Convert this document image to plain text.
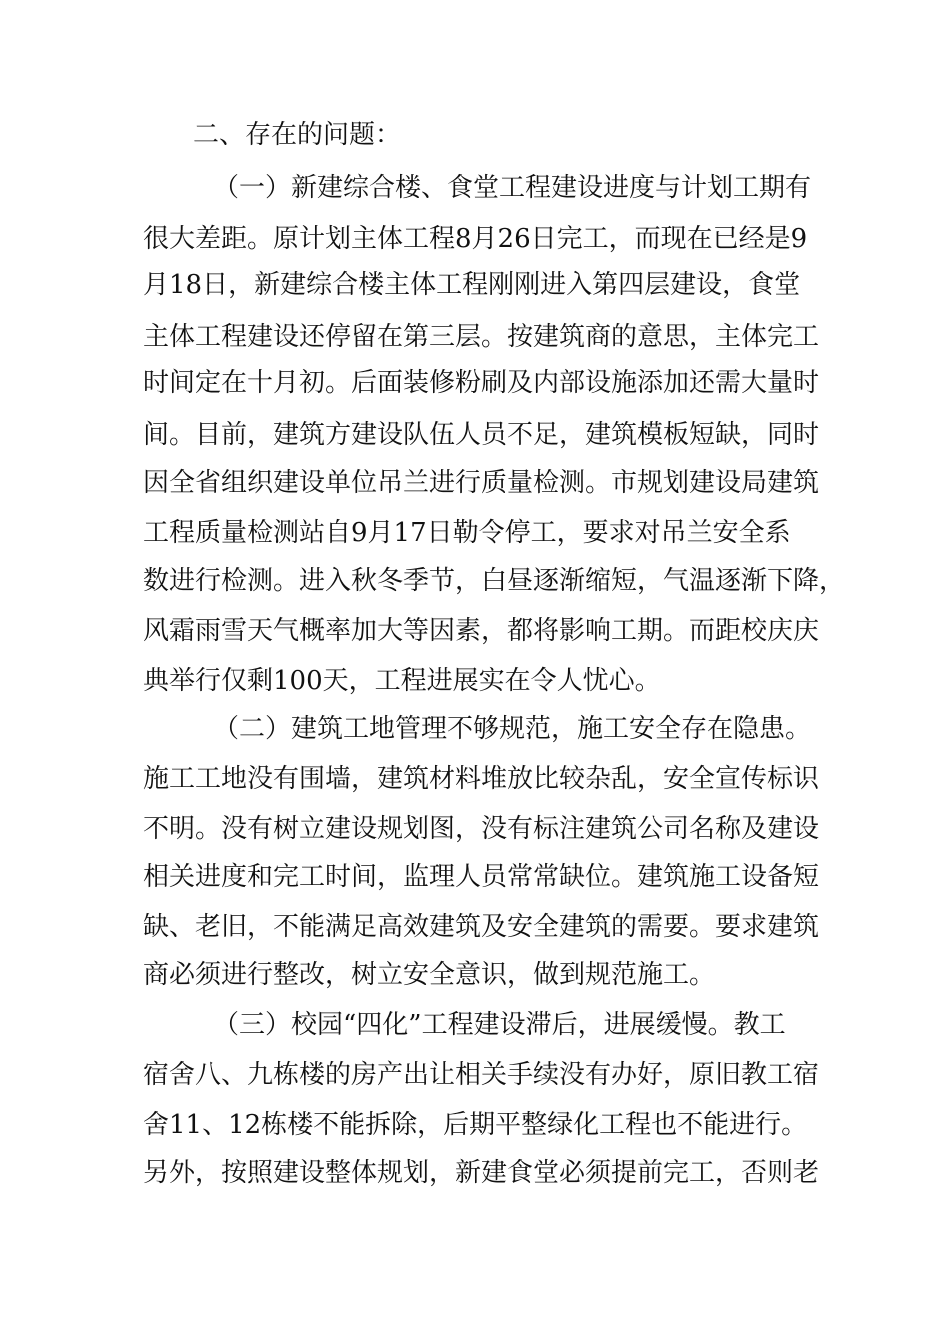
二、存在的问题：
（一）新建综合楼、食堂工程建设进度与计划工期有
很大差距。原计划主体工程8月26日完工，而现在已经是9
月18日，新建综合楼主体工程刚刚进入第四层建设，食堂
主体工程建设还停留在第三层。按建筑商的意思，主体完工
时间定在十月初。后面装修粉刷及内部设施添加还需大量时
间。目前，建筑方建设队伍人员不足，建筑模板短缺，同时
因全省组织建设单位吊兰进行质量检测。市规划建设局建筑
工程质量检测站自9月17日勒令停工，要求对吊兰安全系
数进行检测。进入秋冬季节，白昼逐渐缩短，气温逐渐下降，
风霜雨雪天气概率加大等因素，都将影响工期。而距校庆庆
典举行仅剩100天，工程进展实在令人忧心。
（二）建筑工地管理不够规范，施工安全存在隐患。
施工工地没有围墙，建筑材料堆放比较杂乱，安全宣传标识
不明。没有树立建设规划图，没有标注建筑公司名称及建设
相关进度和完工时间，监理人员常常缺位。建筑施工设备短
缺、老旧，不能满足高效建筑及安全建筑的需要。要求建筑
商必须进行整改，树立安全意识，做到规范施工。
（三）校园“四化”工程建设滞后，进展缓慢。教工
宿舍八、九栋楼的房产出让相关手续没有办好，原旧教工宿
舍11、12栋楼不能拆除，后期平整绿化工程也不能进行。
另外，按照建设整体规划，新建食堂必须提前完工，否则老
